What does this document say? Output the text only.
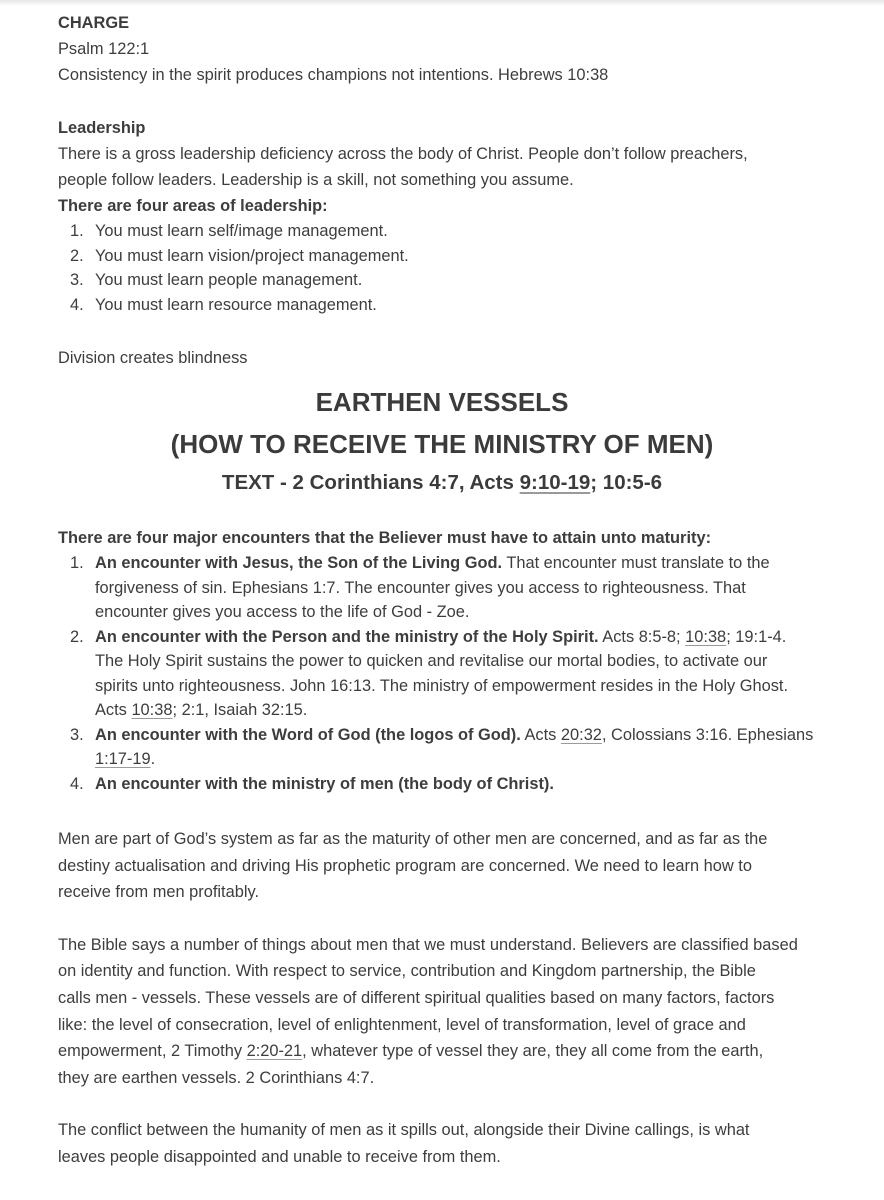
CHARGE
Psalm 122:1
Consistency in the spirit produces champions not intentions. Hebrews 10:38
Leadership
There is a gross leadership deficiency across the body of Christ. People don’t follow preachers,
people follow leaders. Leadership is a skill, not something you assume.
There are four areas of leadership:
1. You must learn self/image management.
2. You must learn vision/project management.
3. You must learn people management.
4. You must learn resource management.
Division creates blindness
EARTHEN VESSELS
(HOW TO RECEIVE THE MINISTRY OF MEN)
TEXT - 2 Corinthians 4:7, Acts 9:10-19; 10:5-6
There are four major encounters that the Believer must have to attain unto maturity:
1. An encounter with Jesus, the Son of the Living God. That encounter must translate to the
forgiveness of sin. Ephesians 1:7. The encounter gives you access to righteousness. That
encounter gives you access to the life of God - Zoe.
2. An encounter with the Person and the ministry of the Holy Spirit. Acts 8:5-8; 10:38; 19:1-4.
The Holy Spirit sustains the power to quicken and revitalise our mortal bodies, to activate our
spirits unto righteousness. John 16:13. The ministry of empowerment resides in the Holy Ghost.
Acts 10:38; 2:1, Isaiah 32:15.
3. An encounter with the Word of God (the logos of God). Acts 20:32, Colossians 3:16. Ephesians
1:17-19.
4. An encounter with the ministry of men (the body of Christ).
Men are part of God’s system as far as the maturity of other men are concerned, and as far as the
destiny actualisation and driving His prophetic program are concerned. We need to learn how to
receive from men profitably.
The Bible says a number of things about men that we must understand. Believers are classified based
on identity and function. With respect to service, contribution and Kingdom partnership, the Bible
calls men - vessels. These vessels are of different spiritual qualities based on many factors, factors
like: the level of consecration, level of enlightenment, level of transformation, level of grace and
empowerment, 2 Timothy 2:20-21, whatever type of vessel they are, they all come from the earth,
they are earthen vessels. 2 Corinthians 4:7.
The conflict between the humanity of men as it spills out, alongside their Divine callings, is what
leaves people disappointed and unable to receive from them.
